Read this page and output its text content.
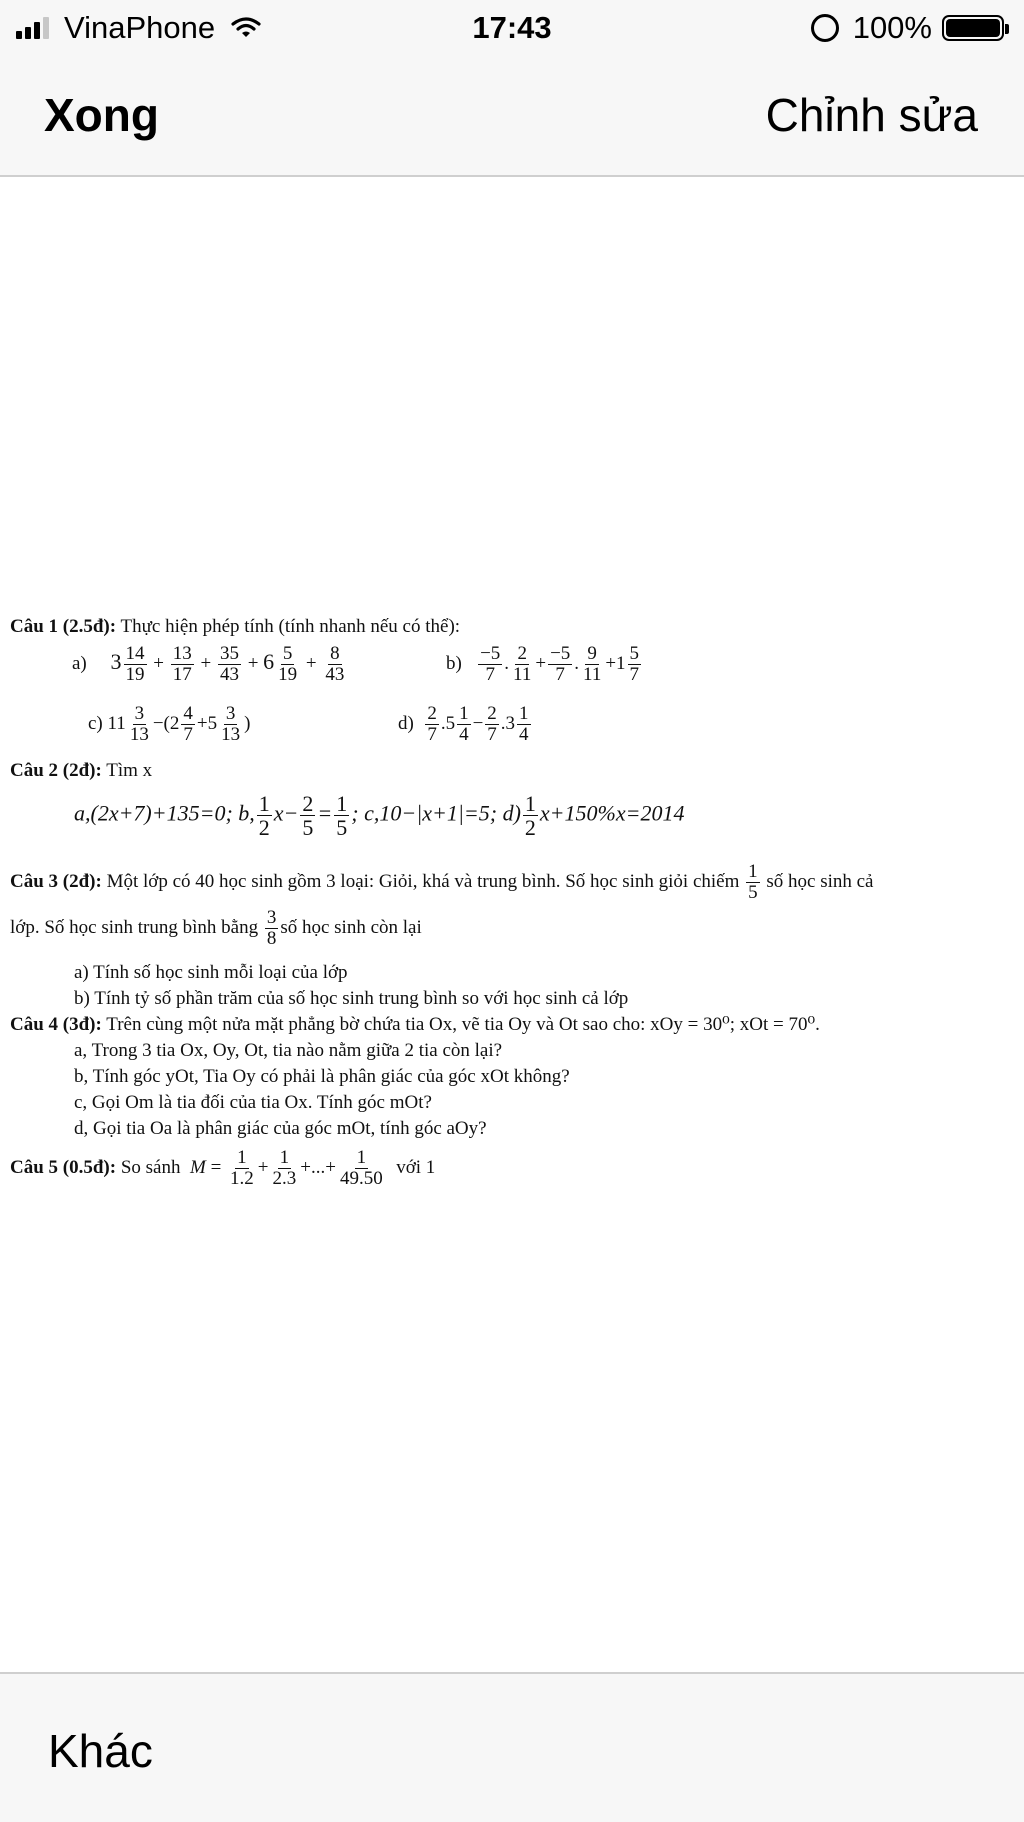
VinaPhone	17:43	100%
Xong	Chỉnh sửa
Câu 1 (2.5đ): Thực hiện phép tính (tính nhanh nếu có thể):
a) $3 \frac{14}{19} + \frac{13}{17} + \frac{35}{43} + 6 \frac{5}{19} + \frac{8}{43}$	$b) \frac{-5}{7}$ . $\frac{2}{11} + \frac{-5}{7}$ . $\frac{9}{11} +1 \frac{5}{7}$
c) $11 \frac{3}{13} -(2 \frac{4}{7} +5 \frac{3}{13}$ )	$d) \frac{2}{7} .5 \frac{1}{4} - \frac{2}{7} .3 \frac{1}{4}$
Câu 2 (2đ): Tìm x
a,(2x+7)+135=0; b, $\frac{1}{2} x- \frac{2}{5} = \frac{1}{5}$ ; c,10−|x+1|=5; $d) \frac{1}{2} x+150\%x=2014$
Câu 3 (2đ): Một lớp có 40 học sinh gồm 3 loại: Giỏi, khá và trung bình. Số học sinh giỏi chiếm $\frac{1}{5}$ số học sinh cả
lớp. Số học sinh trung bình bằng $\frac{3}{8}$ số học sinh còn lại
a) Tính số học sinh mỗi loại của lớp
b) Tính tỷ số phần trăm của số học sinh trung bình so với học sinh cả lớp
Câu 4 (3đ): Trên cùng một nửa mặt phẳng bờ chứa tia Ox, vẽ tia Oy và Ot sao cho: xOy = 30⁰; xOt = 70⁰.
a, Trong 3 tia Ox, Oy, Ot, tia nào nằm giữa 2 tia còn lại?
b, Tính góc yOt, Tia Oy có phải là phân giác của góc xOt không?
c, Gọi Om là tia đối của tia Ox. Tính góc mOt?
d, Gọi tia Oa là phân giác của góc mOt, tính góc aOy?
Câu 5 (0.5đ): So sánh $M = \frac{1}{1.2} + \frac{1}{2.3}$ +...+ $\frac{1}{49.50}$ với 1
Khác
